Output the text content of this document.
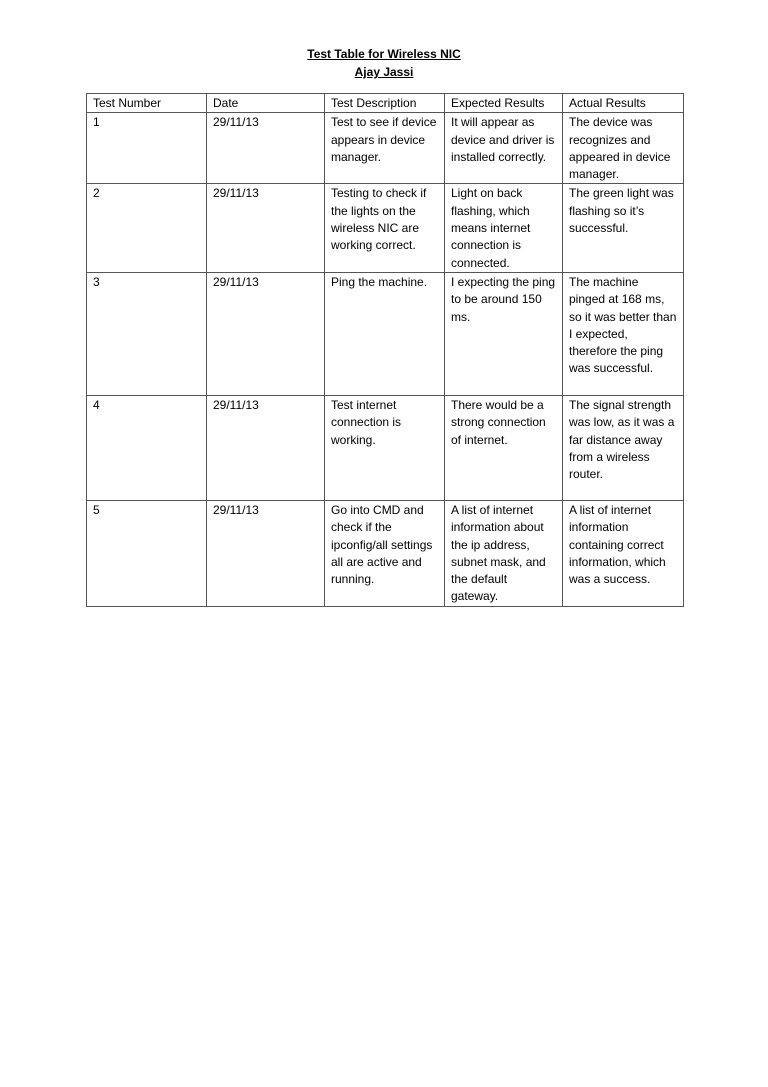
Test Table for Wireless NIC
Ajay Jassi
Test Number	Date	Test Description	Expected Results	Actual Results
1	29/11/13	Test to see if device appears in device manager.	It will appear as device and driver is installed correctly.	The device was recognizes and appeared in device manager.
2	29/11/13	Testing to check if the lights on the wireless NIC are working correct.	Light on back flashing, which means internet connection is connected.	The green light was flashing so it’s successful.
3	29/11/13	Ping the machine.	I expecting the ping to be around 150 ms.	The machine pinged at 168 ms, so it was better than I expected, therefore the ping was successful.
4	29/11/13	Test internet connection is working.	There would be a strong connection of internet.	The signal strength was low, as it was a far distance away from a wireless router.
5	29/11/13	Go into CMD and check if the ipconfig/all settings all are active and running.	A list of internet information about the ip address, subnet mask, and the default gateway.	A list of internet information containing correct information, which was a success.
